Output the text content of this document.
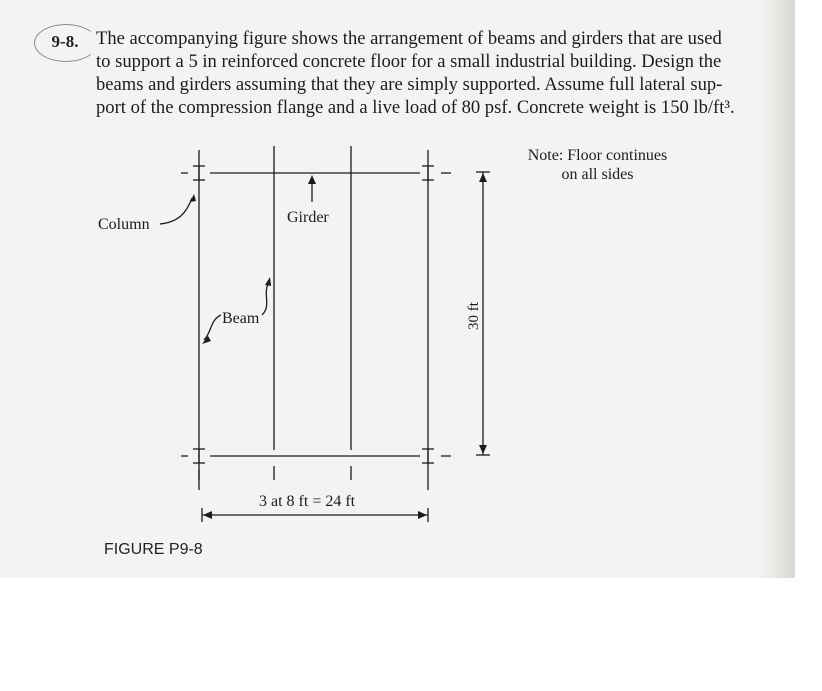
9-8. The accompanying figure shows the arrangement of beams and girders that are used
to support a 5 in reinforced concrete floor for a small industrial building. Design the
beams and girders assuming that they are simply supported. Assume full lateral sup-
port of the compression flange and a live load of 80 psf. Concrete weight is 150 lb/ft³.
Column	Girder
Beam	30 ft
3 at 8 ft = 24 ft
Note: Floor continues
on all sides
FIGURE P9-8
